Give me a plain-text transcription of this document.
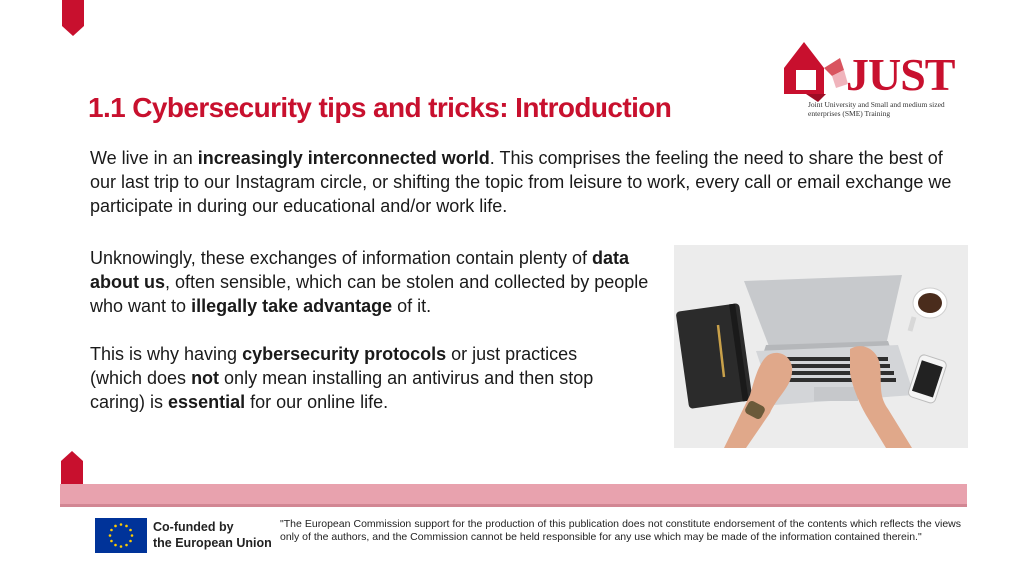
JUST
Joint University and Small and medium sized enterprises (SME) Training
1.1 Cybersecurity tips and tricks: Introduction

We live in an increasingly interconnected world. This comprises the feeling the need to share the best of our last trip to our Instagram circle, or shifting the topic from leisure to work, every call or email exchange we participate in during our educational and/or work life.

Unknowingly, these exchanges of information contain plenty of data about us, often sensible, which can be stolen and collected by people who want to illegally take advantage of it.

This is why having cybersecurity protocols or just practices (which does not only mean installing an antivirus and then stop caring) is essential for our online life.

Co-funded by
the European Union

"The European Commission support for the production of this publication does not constitute endorsement of the contents which reflects the views only of the authors, and the Commission cannot be held responsible for any use which may be made of the information contained therein."
